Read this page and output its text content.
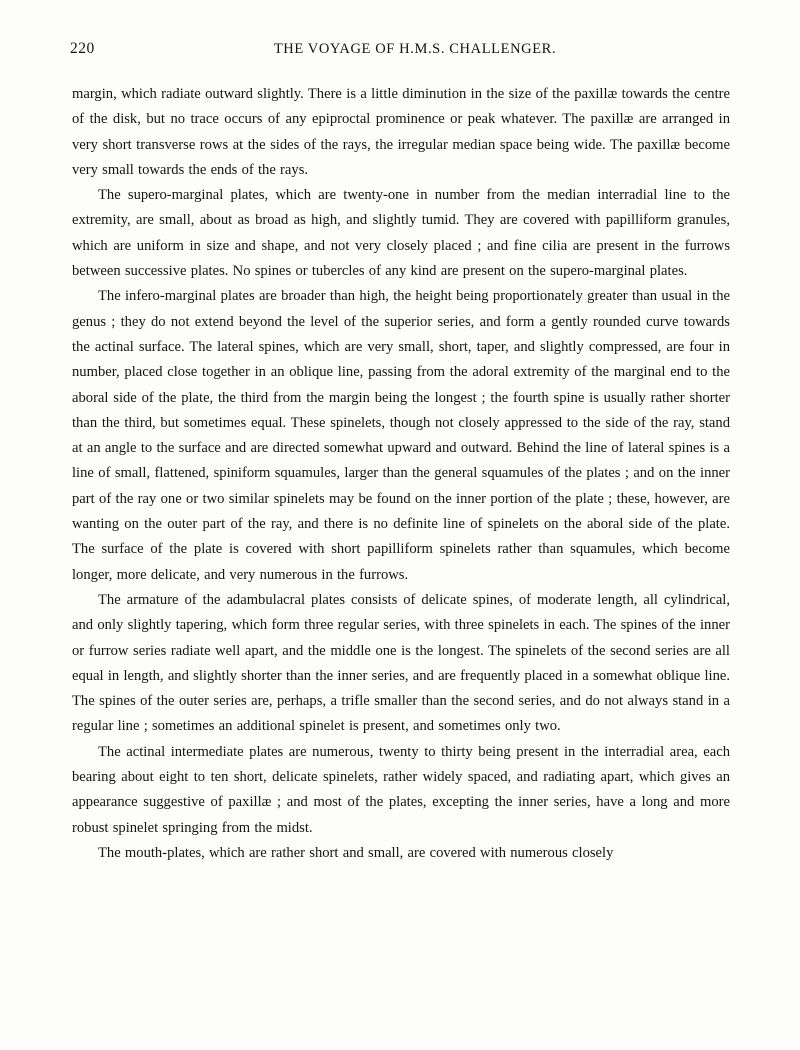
220	THE VOYAGE OF H.M.S. CHALLENGER.

margin, which radiate outward slightly. There is a little diminution in the size of the paxillæ towards the centre of the disk, but no trace occurs of any epiproctal prominence or peak whatever. The paxillæ are arranged in very short transverse rows at the sides of the rays, the irregular median space being wide. The paxillæ become very small towards the ends of the rays.

The supero-marginal plates, which are twenty-one in number from the median interradial line to the extremity, are small, about as broad as high, and slightly tumid. They are covered with papilliform granules, which are uniform in size and shape, and not very closely placed ; and fine cilia are present in the furrows between successive plates. No spines or tubercles of any kind are present on the supero-marginal plates.

The infero-marginal plates are broader than high, the height being proportionately greater than usual in the genus ; they do not extend beyond the level of the superior series, and form a gently rounded curve towards the actinal surface. The lateral spines, which are very small, short, taper, and slightly compressed, are four in number, placed close together in an oblique line, passing from the adoral extremity of the marginal end to the aboral side of the plate, the third from the margin being the longest ; the fourth spine is usually rather shorter than the third, but sometimes equal. These spinelets, though not closely appressed to the side of the ray, stand at an angle to the surface and are directed somewhat upward and outward. Behind the line of lateral spines is a line of small, flattened, spiniform squamules, larger than the general squamules of the plates ; and on the inner part of the ray one or two similar spinelets may be found on the inner portion of the plate ; these, however, are wanting on the outer part of the ray, and there is no definite line of spinelets on the aboral side of the plate. The surface of the plate is covered with short papilliform spinelets rather than squamules, which become longer, more delicate, and very numerous in the furrows.

The armature of the adambulacral plates consists of delicate spines, of moderate length, all cylindrical, and only slightly tapering, which form three regular series, with three spinelets in each. The spines of the inner or furrow series radiate well apart, and the middle one is the longest. The spinelets of the second series are all equal in length, and slightly shorter than the inner series, and are frequently placed in a somewhat oblique line. The spines of the outer series are, perhaps, a trifle smaller than the second series, and do not always stand in a regular line ; sometimes an additional spinelet is present, and sometimes only two.

The actinal intermediate plates are numerous, twenty to thirty being present in the interradial area, each bearing about eight to ten short, delicate spinelets, rather widely spaced, and radiating apart, which gives an appearance suggestive of paxillæ ; and most of the plates, excepting the inner series, have a long and more robust spinelet springing from the midst.

The mouth-plates, which are rather short and small, are covered with numerous closely
